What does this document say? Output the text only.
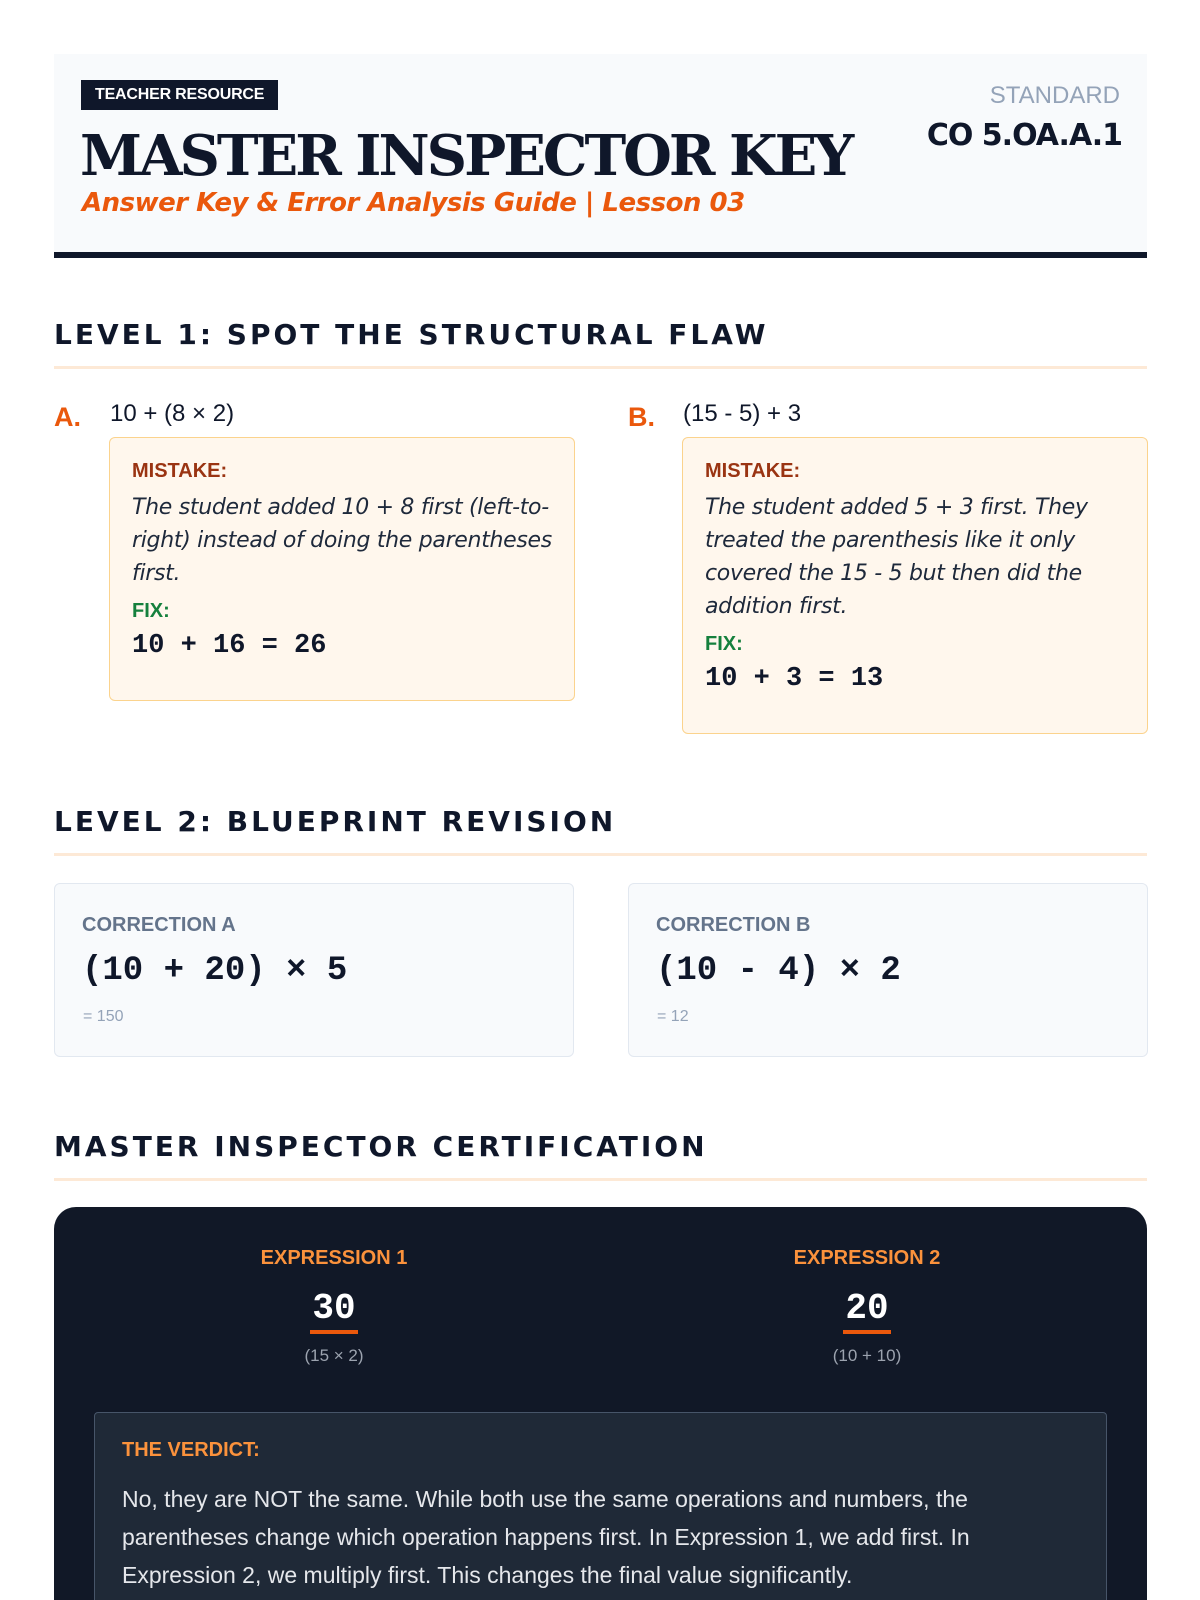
TEACHER RESOURCE
MASTER INSPECTOR KEY
Answer Key & Error Analysis Guide | Lesson 03
STANDARD
CO 5.OA.A.1
LEVEL 1: SPOT THE STRUCTURAL FLAW
A. 10 + (8 × 2)
MISTAKE:
The student added 10 + 8 first (left-to-right) instead of doing the parentheses first.
FIX:
10 + 16 = 26
B. (15 - 5) + 3
MISTAKE:
The student added 5 + 3 first. They treated the parenthesis like it only covered the 15 - 5 but then did the addition first.
FIX:
10 + 3 = 13
LEVEL 2: BLUEPRINT REVISION
CORRECTION A
(10 + 20) × 5
= 150
CORRECTION B
(10 - 4) × 2
= 12
MASTER INSPECTOR CERTIFICATION
EXPRESSION 1
30
(15 × 2)
EXPRESSION 2
20
(10 + 10)
THE VERDICT:
No, they are NOT the same. While both use the same operations and numbers, the parentheses change which operation happens first. In Expression 1, we add first. In Expression 2, we multiply first. This changes the final value significantly.
